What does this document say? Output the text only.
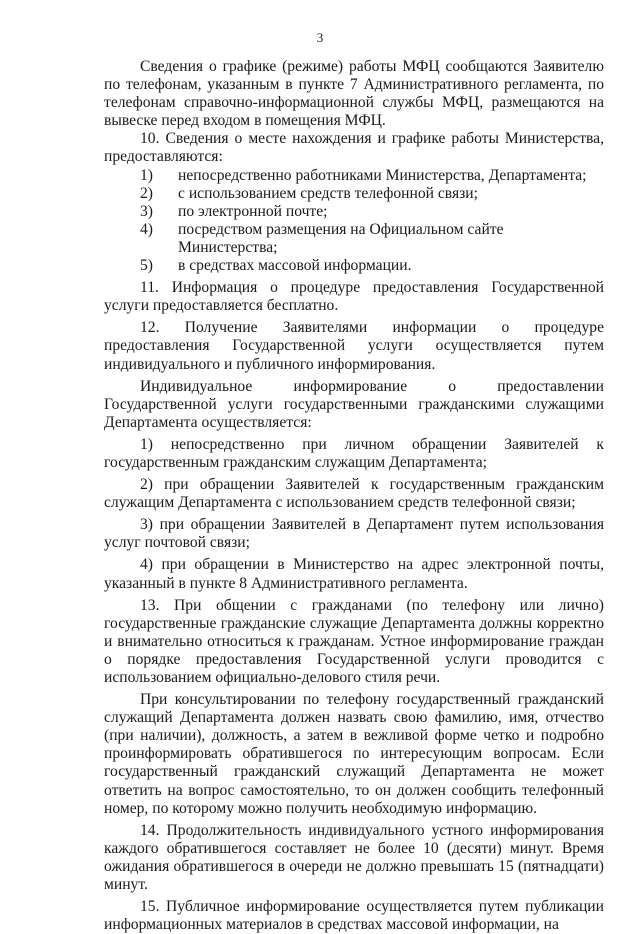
3

Сведения о графике (режиме) работы МФЦ сообщаются Заявителю по телефонам, указанным в пункте 7 Административного регламента, по телефонам справочно-информационной службы МФЦ, размещаются на вывеске перед входом в помещения МФЦ.

10. Сведения о месте нахождения и графике работы Министерства, предоставляются:

1)	непосредственно работниками Министерства, Департамента;
2)	с использованием средств телефонной связи;
3)	по электронной почте;
4)	посредством размещения на Официальном сайте Министерства;
5)	в средствах массовой информации.

11. Информация о процедуре предоставления Государственной услуги предоставляется бесплатно.

12. Получение Заявителями информации о процедуре предоставления Государственной услуги осуществляется путем индивидуального и публичного информирования.

Индивидуальное информирование о предоставлении Государственной услуги государственными гражданскими служащими Департамента осуществляется:

1) непосредственно при личном обращении Заявителей к государственным гражданским служащим Департамента;

2) при обращении Заявителей к государственным гражданским служащим Департамента с использованием средств телефонной связи;

3) при обращении Заявителей в Департамент путем использования услуг почтовой связи;

4) при обращении в Министерство на адрес электронной почты, указанный в пункте 8 Административного регламента.

13. При общении с гражданами (по телефону или лично) государственные гражданские служащие Департамента должны корректно и внимательно относиться к гражданам. Устное информирование граждан о порядке предоставления Государственной услуги проводится с использованием официально-делового стиля речи.

При консультировании по телефону государственный гражданский служащий Департамента должен назвать свою фамилию, имя, отчество (при наличии), должность, а затем в вежливой форме четко и подробно проинформировать обратившегося по интересующим вопросам. Если государственный гражданский служащий Департамента не может ответить на вопрос самостоятельно, то он должен сообщить телефонный номер, по которому можно получить необходимую информацию.

14. Продолжительность индивидуального устного информирования каждого обратившегося составляет не более 10 (десяти) минут. Время ожидания обратившегося в очереди не должно превышать 15 (пятнадцати) минут.

15. Публичное информирование осуществляется путем публикации информационных материалов в средствах массовой информации, на
